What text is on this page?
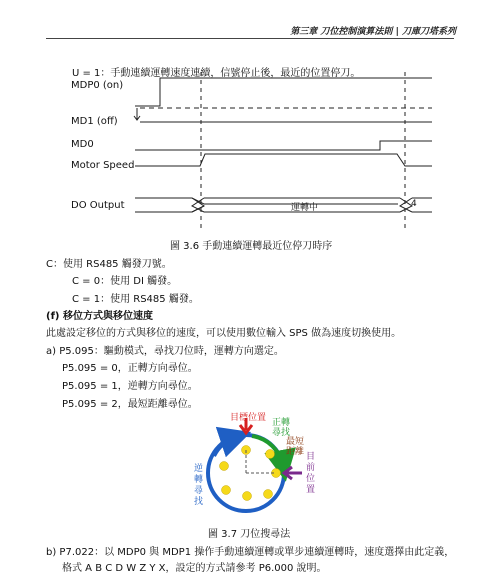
第三章 刀位控制演算法則 | 刀庫刀塔系列
U = 1：手動連續運轉速度連續，信號停止後，最近的位置停刀。
MDP0 (on)
MD1 (off)
MD0
Motor Speed
DO Output	運轉中	4
圖 3.6 手動連續運轉最近位停刀時序
C：使用 RS485 觸發刀號。
C = 0：使用 DI 觸發。
C = 1：使用 RS485 觸發。
(f) 移位方式與移位速度
此處設定移位的方式與移位的速度，可以使用數位輸入 SPS 做為速度切換使用。
a) P5.095：驅動模式，尋找刀位時，運轉方向選定。
P5.095 = 0，正轉方向尋位。
P5.095 = 1，逆轉方向尋位。
P5.095 = 2，最短距離尋位。
目標位置 正轉
尋找
最短
距離 目
前
位
置
逆
轉
尋
找
圖 3.7 刀位搜尋法
b) P7.022：以 MDP0 與 MDP1 操作手動連續運轉或單步連續運轉時，速度選擇由此定義，
格式 A B C D W Z Y X，設定的方式請參考 P6.000 說明。
